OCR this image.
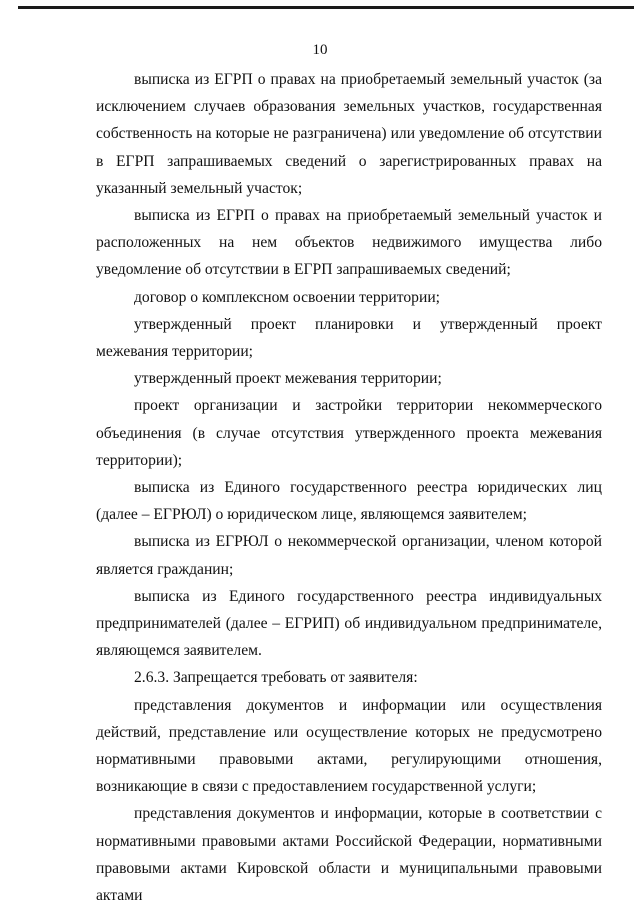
10

выписка из ЕГРП о правах на приобретаемый земельный участок (за исключением случаев образования земельных участков, государственная собственность на которые не разграничена) или уведомление об отсутствии в ЕГРП запрашиваемых сведений о зарегистрированных правах на указанный земельный участок;

выписка из ЕГРП о правах на приобретаемый земельный участок и расположенных на нем объектов недвижимого имущества либо уведомление об отсутствии в ЕГРП запрашиваемых сведений;

договор о комплексном освоении территории;

утвержденный проект планировки и утвержденный проект межевания территории;

утвержденный проект межевания территории;

проект организации и застройки территории некоммерческого объединения (в случае отсутствия утвержденного проекта межевания территории);

выписка из Единого государственного реестра юридических лиц (далее – ЕГРЮЛ) о юридическом лице, являющемся заявителем;

выписка из ЕГРЮЛ о некоммерческой организации, членом которой является гражданин;

выписка из Единого государственного реестра индивидуальных предпринимателей (далее – ЕГРИП) об индивидуальном предпринимателе, являющемся заявителем.

2.6.3. Запрещается требовать от заявителя:

представления документов и информации или осуществления действий, представление или осуществление которых не предусмотрено нормативными правовыми актами, регулирующими отношения, возникающие в связи с предоставлением государственной услуги;

представления документов и информации, которые в соответствии с нормативными правовыми актами Российской Федерации, нормативными правовыми актами Кировской области и муниципальными правовыми актами
